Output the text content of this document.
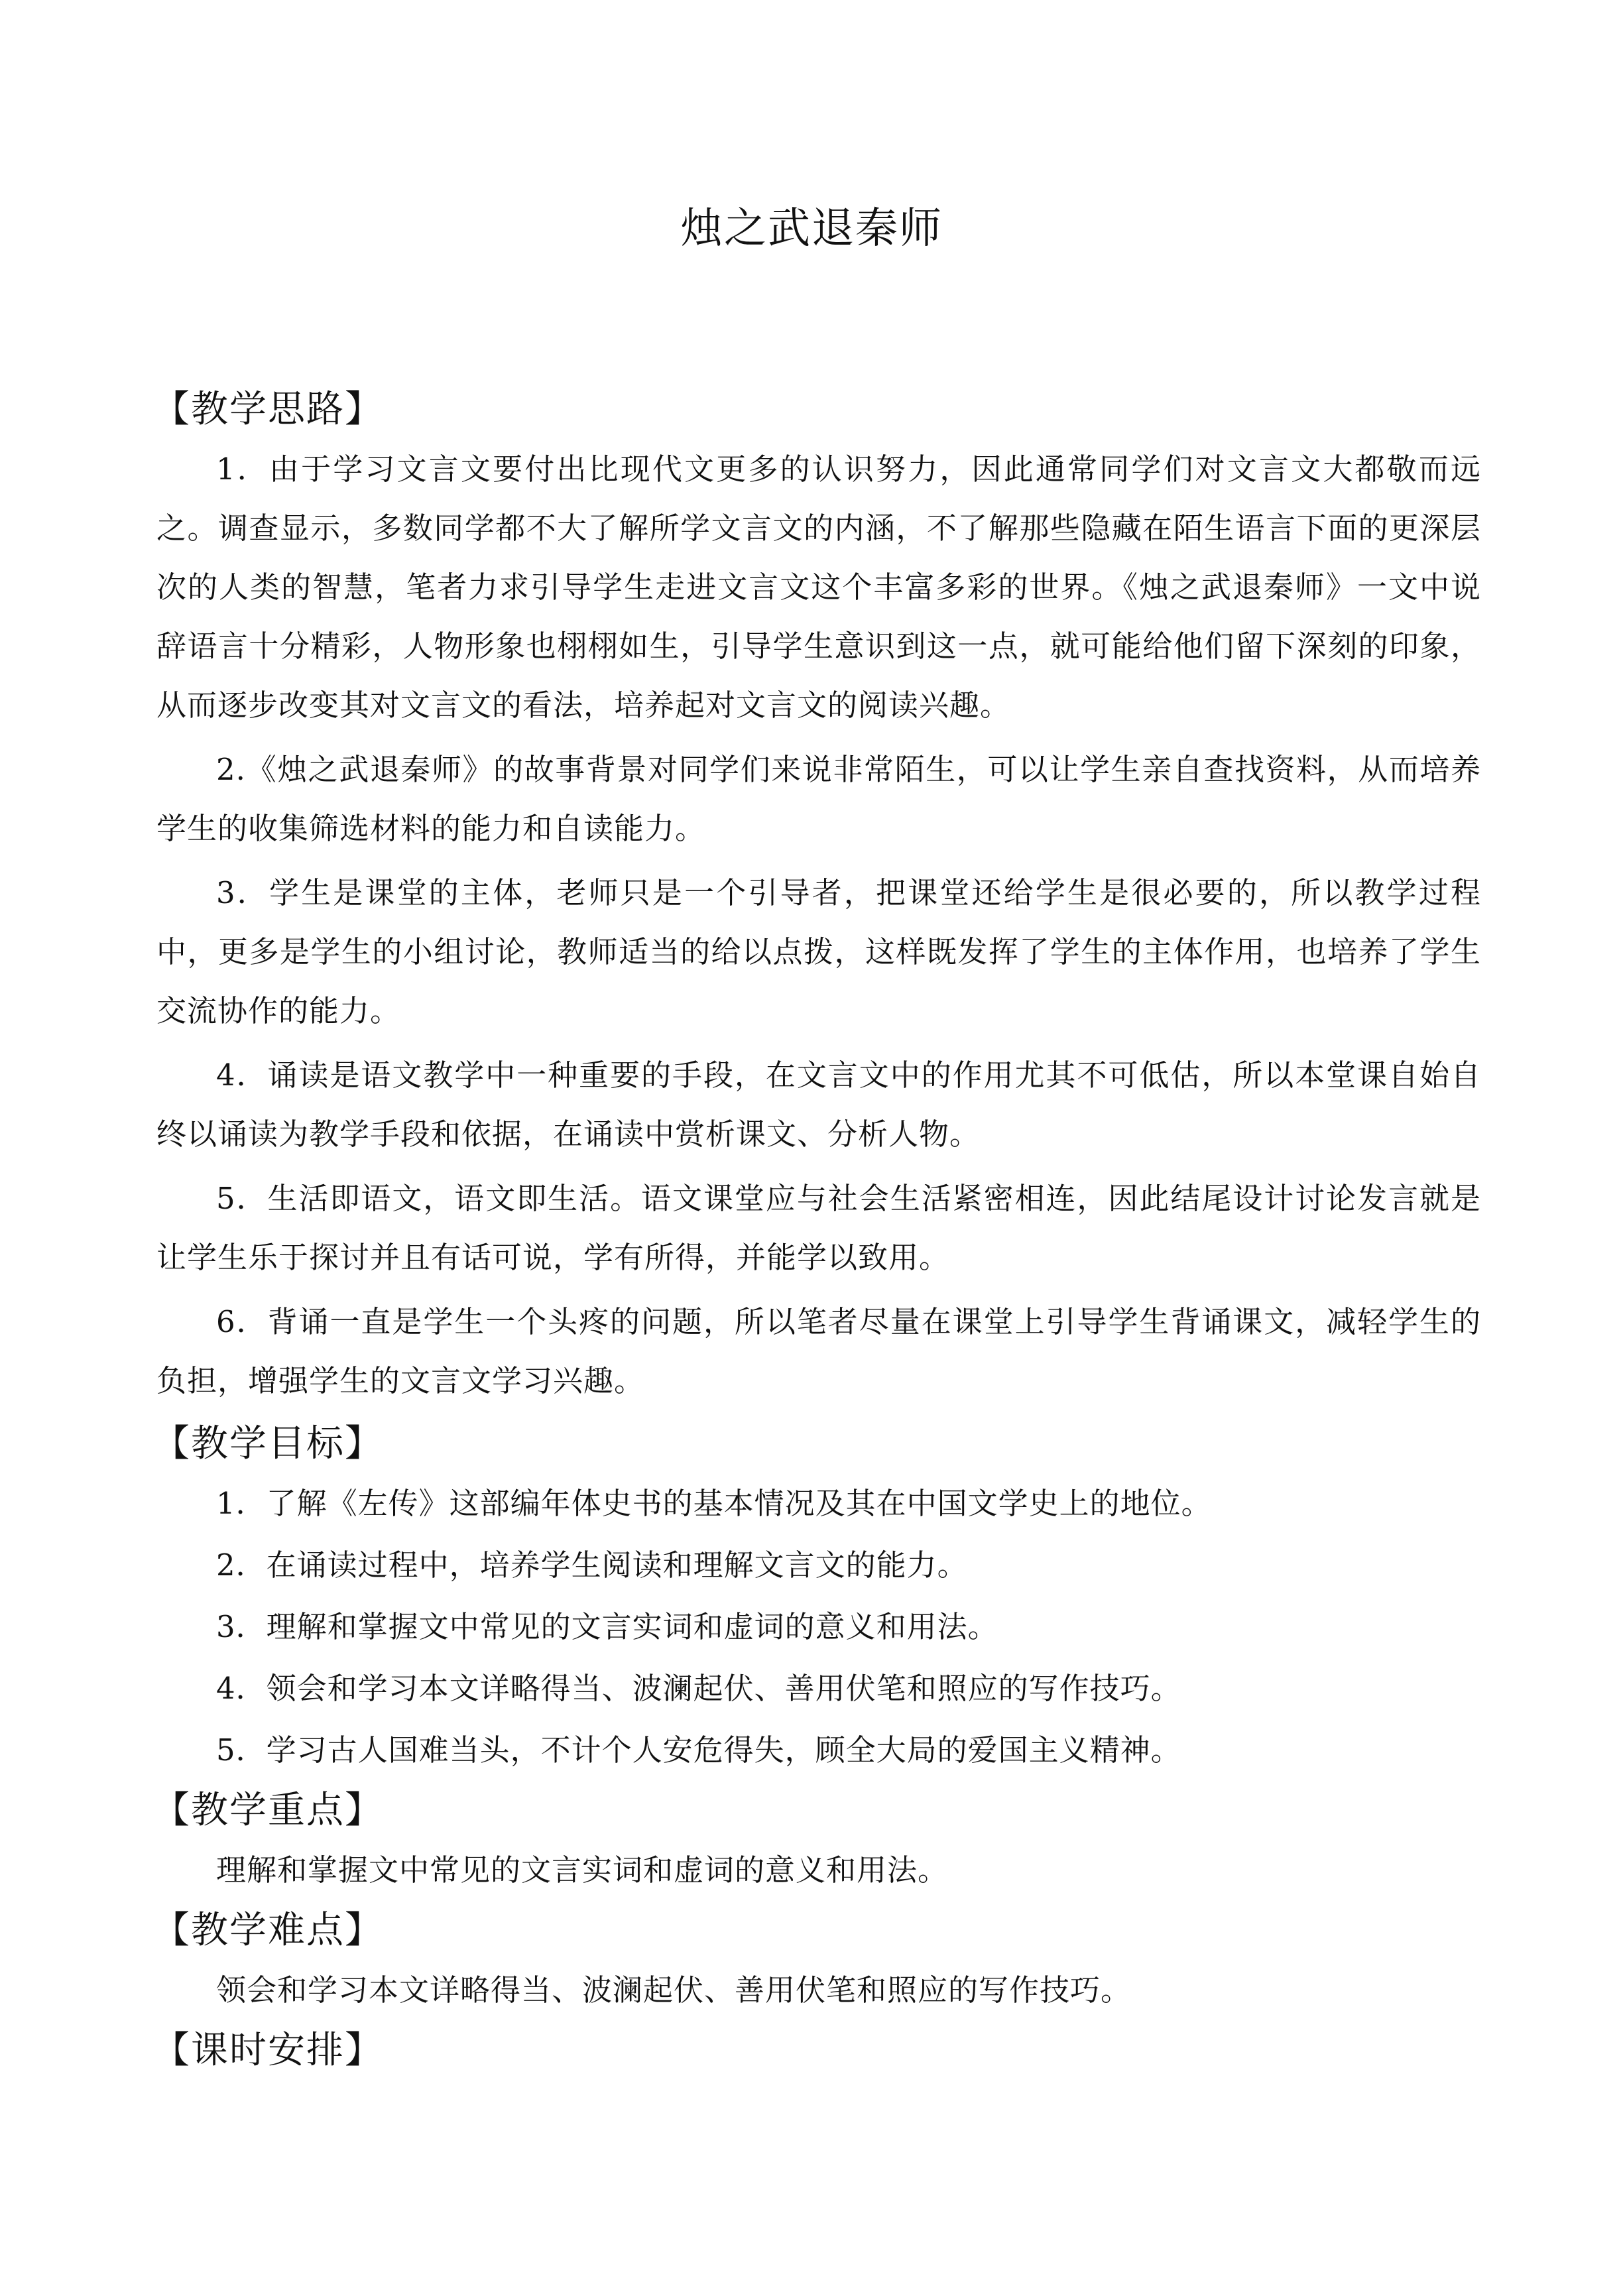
烛之武退秦师
【教学思路】

1．由于学习文言文要付出比现代文更多的认识努力，因此通常同学们对文言文大都敬而远之。调查显示，多数同学都不大了解所学文言文的内涵，不了解那些隐藏在陌生语言下面的更深层次的人类的智慧，笔者力求引导学生走进文言文这个丰富多彩的世界。《烛之武退秦师》一文中说辞语言十分精彩，人物形象也栩栩如生，引导学生意识到这一点，就可能给他们留下深刻的印象，从而逐步改变其对文言文的看法，培养起对文言文的阅读兴趣。

2.《烛之武退秦师》的故事背景对同学们来说非常陌生，可以让学生亲自查找资料，从而培养学生的收集筛选材料的能力和自读能力。

3．学生是课堂的主体，老师只是一个引导者，把课堂还给学生是很必要的，所以教学过程中，更多是学生的小组讨论，教师适当的给以点拨，这样既发挥了学生的主体作用，也培养了学生交流协作的能力。

4．诵读是语文教学中一种重要的手段，在文言文中的作用尤其不可低估，所以本堂课自始自终以诵读为教学手段和依据，在诵读中赏析课文、分析人物。

5．生活即语文，语文即生活。语文课堂应与社会生活紧密相连，因此结尾设计讨论发言就是让学生乐于探讨并且有话可说，学有所得，并能学以致用。

6．背诵一直是学生一个头疼的问题，所以笔者尽量在课堂上引导学生背诵课文，减轻学生的负担，增强学生的文言文学习兴趣。

【教学目标】

1．了解《左传》这部编年体史书的基本情况及其在中国文学史上的地位。

2．在诵读过程中，培养学生阅读和理解文言文的能力。

3．理解和掌握文中常见的文言实词和虚词的意义和用法。

4．领会和学习本文详略得当、波澜起伏、善用伏笔和照应的写作技巧。

5．学习古人国难当头，不计个人安危得失，顾全大局的爱国主义精神。

【教学重点】

理解和掌握文中常见的文言实词和虚词的意义和用法。

【教学难点】

领会和学习本文详略得当、波澜起伏、善用伏笔和照应的写作技巧。

【课时安排】
